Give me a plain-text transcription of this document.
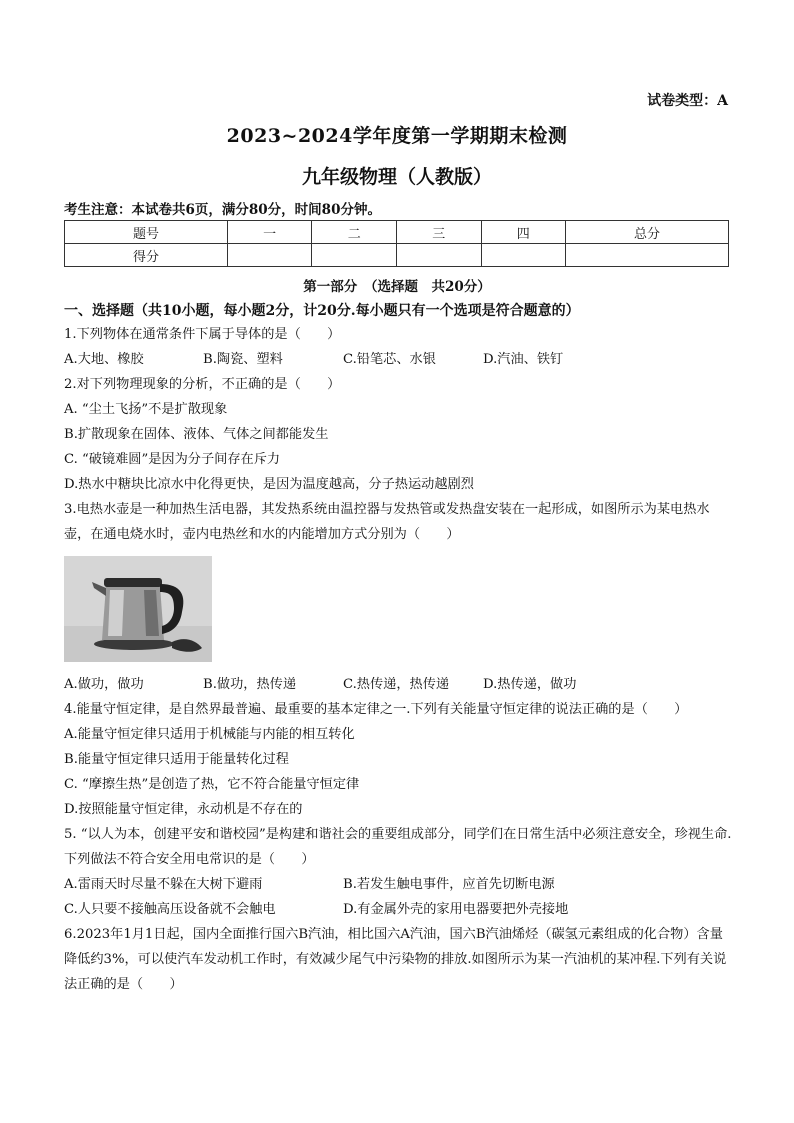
试卷类型：A
2023~2024学年度第一学期期末检测
九年级物理（人教版）
考生注意：本试卷共6页，满分80分，时间80分钟。
题号	一	二	三	四	总分
得分					
第一部分　（选择题　共20分）
一、选择题（共10小题，每小题2分，计20分.每小题只有一个选项是符合题意的）
1.下列物体在通常条件下属于导体的是（　　）
A.大地、橡胶	B.陶瓷、塑料	C.铅笔芯、水银	D.汽油、铁钉
2.对下列物理现象的分析，不正确的是（　　）
A. “尘土飞扬”不是扩散现象
B.扩散现象在固体、液体、气体之间都能发生
C. “破镜难圆”是因为分子间存在斥力
D.热水中糖块比凉水中化得更快，是因为温度越高，分子热运动越剧烈
3.电热水壶是一种加热生活电器，其发热系统由温控器与发热管或发热盘安装在一起形成，如图所示为某电热水壶，在通电烧水时，壶内电热丝和水的内能增加方式分别为（　　）
A.做功，做功	B.做功，热传递	C.热传递，热传递	D.热传递，做功
4.能量守恒定律，是自然界最普遍、最重要的基本定律之一.下列有关能量守恒定律的说法正确的是（　　）
A.能量守恒定律只适用于机械能与内能的相互转化
B.能量守恒定律只适用于能量转化过程
C. “摩擦生热”是创造了热，它不符合能量守恒定律
D.按照能量守恒定律，永动机是不存在的
5. “以人为本，创建平安和谐校园”是构建和谐社会的重要组成部分，同学们在日常生活中必须注意安全，珍视生命.下列做法不符合安全用电常识的是（　　）
A.雷雨天时尽量不躲在大树下避雨	B.若发生触电事件，应首先切断电源
C.人只要不接触高压设备就不会触电	D.有金属外壳的家用电器要把外壳接地
6.2023年1月1日起，国内全面推行国六B汽油，相比国六A汽油，国六B汽油烯烃（碳氢元素组成的化合物）含量降低约3%，可以使汽车发动机工作时，有效减少尾气中污染物的排放.如图所示为某一汽油机的某冲程.下列有关说法正确的是（　　）
